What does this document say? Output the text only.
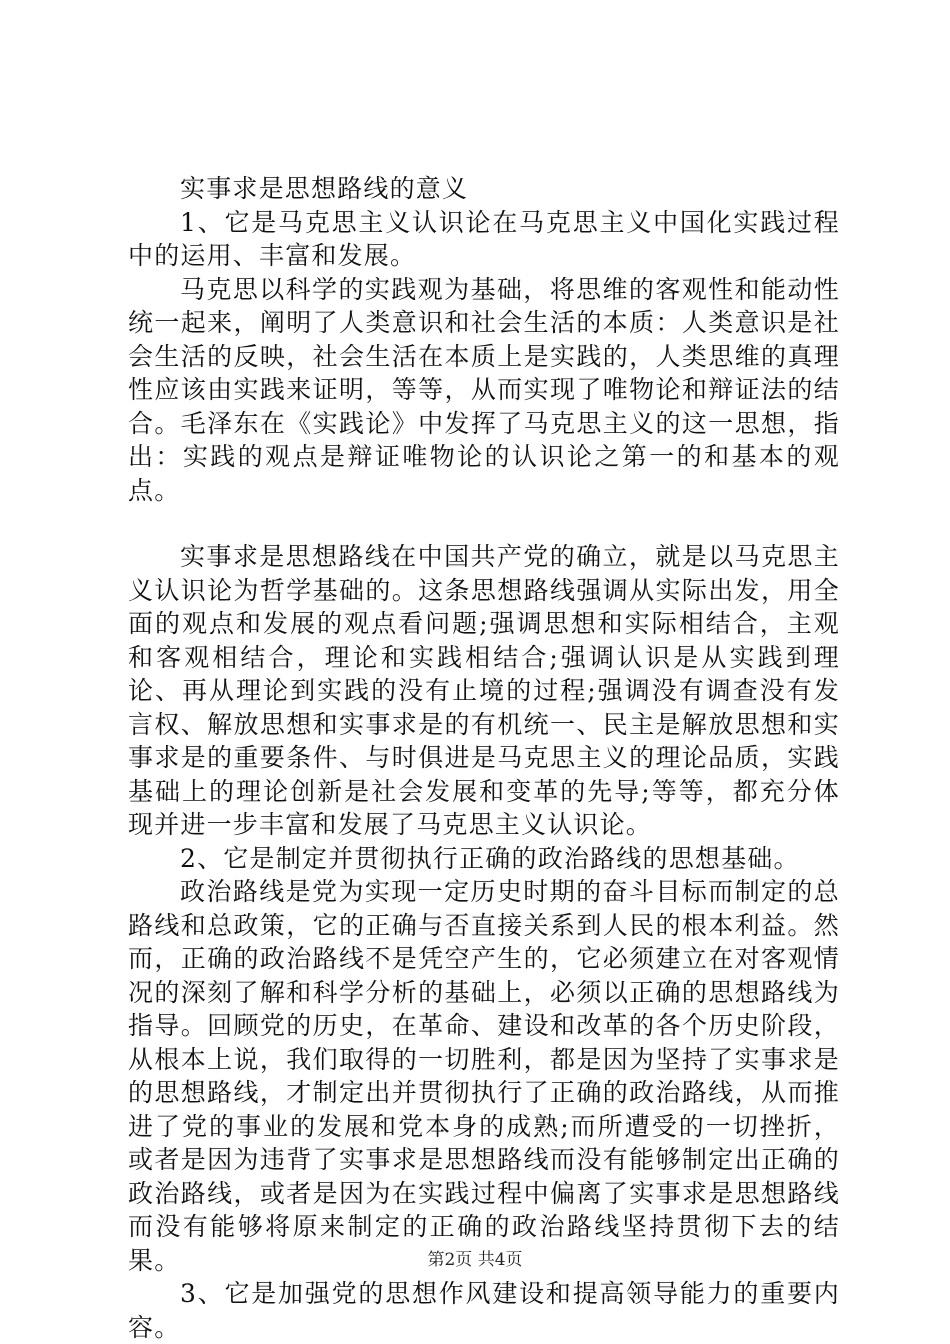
实事求是思想路线的意义

1、它是马克思主义认识论在马克思主义中国化实践过程中的运用、丰富和发展。

马克思以科学的实践观为基础，将思维的客观性和能动性统一起来，阐明了人类意识和社会生活的本质：人类意识是社会生活的反映，社会生活在本质上是实践的，人类思维的真理性应该由实践来证明，等等，从而实现了唯物论和辩证法的结合。毛泽东在《实践论》中发挥了马克思主义的这一思想，指出：实践的观点是辩证唯物论的认识论之第一的和基本的观点。

实事求是思想路线在中国共产党的确立，就是以马克思主义认识论为哲学基础的。这条思想路线强调从实际出发，用全面的观点和发展的观点看问题;强调思想和实际相结合，主观和客观相结合，理论和实践相结合;强调认识是从实践到理论、再从理论到实践的没有止境的过程;强调没有调查没有发言权、解放思想和实事求是的有机统一、民主是解放思想和实事求是的重要条件、与时俱进是马克思主义的理论品质，实践基础上的理论创新是社会发展和变革的先导;等等，都充分体现并进一步丰富和发展了马克思主义认识论。

2、它是制定并贯彻执行正确的政治路线的思想基础。

政治路线是党为实现一定历史时期的奋斗目标而制定的总路线和总政策，它的正确与否直接关系到人民的根本利益。然而，正确的政治路线不是凭空产生的，它必须建立在对客观情况的深刻了解和科学分析的基础上，必须以正确的思想路线为指导。回顾党的历史，在革命、建设和改革的各个历史阶段，从根本上说，我们取得的一切胜利，都是因为坚持了实事求是的思想路线，才制定出并贯彻执行了正确的政治路线，从而推进了党的事业的发展和党本身的成熟;而所遭受的一切挫折，或者是因为违背了实事求是思想路线而没有能够制定出正确的政治路线，或者是因为在实践过程中偏离了实事求是思想路线而没有能够将原来制定的正确的政治路线坚持贯彻下去的结果。

3、它是加强党的思想作风建设和提高领导能力的重要内容。

第2页 共4页
